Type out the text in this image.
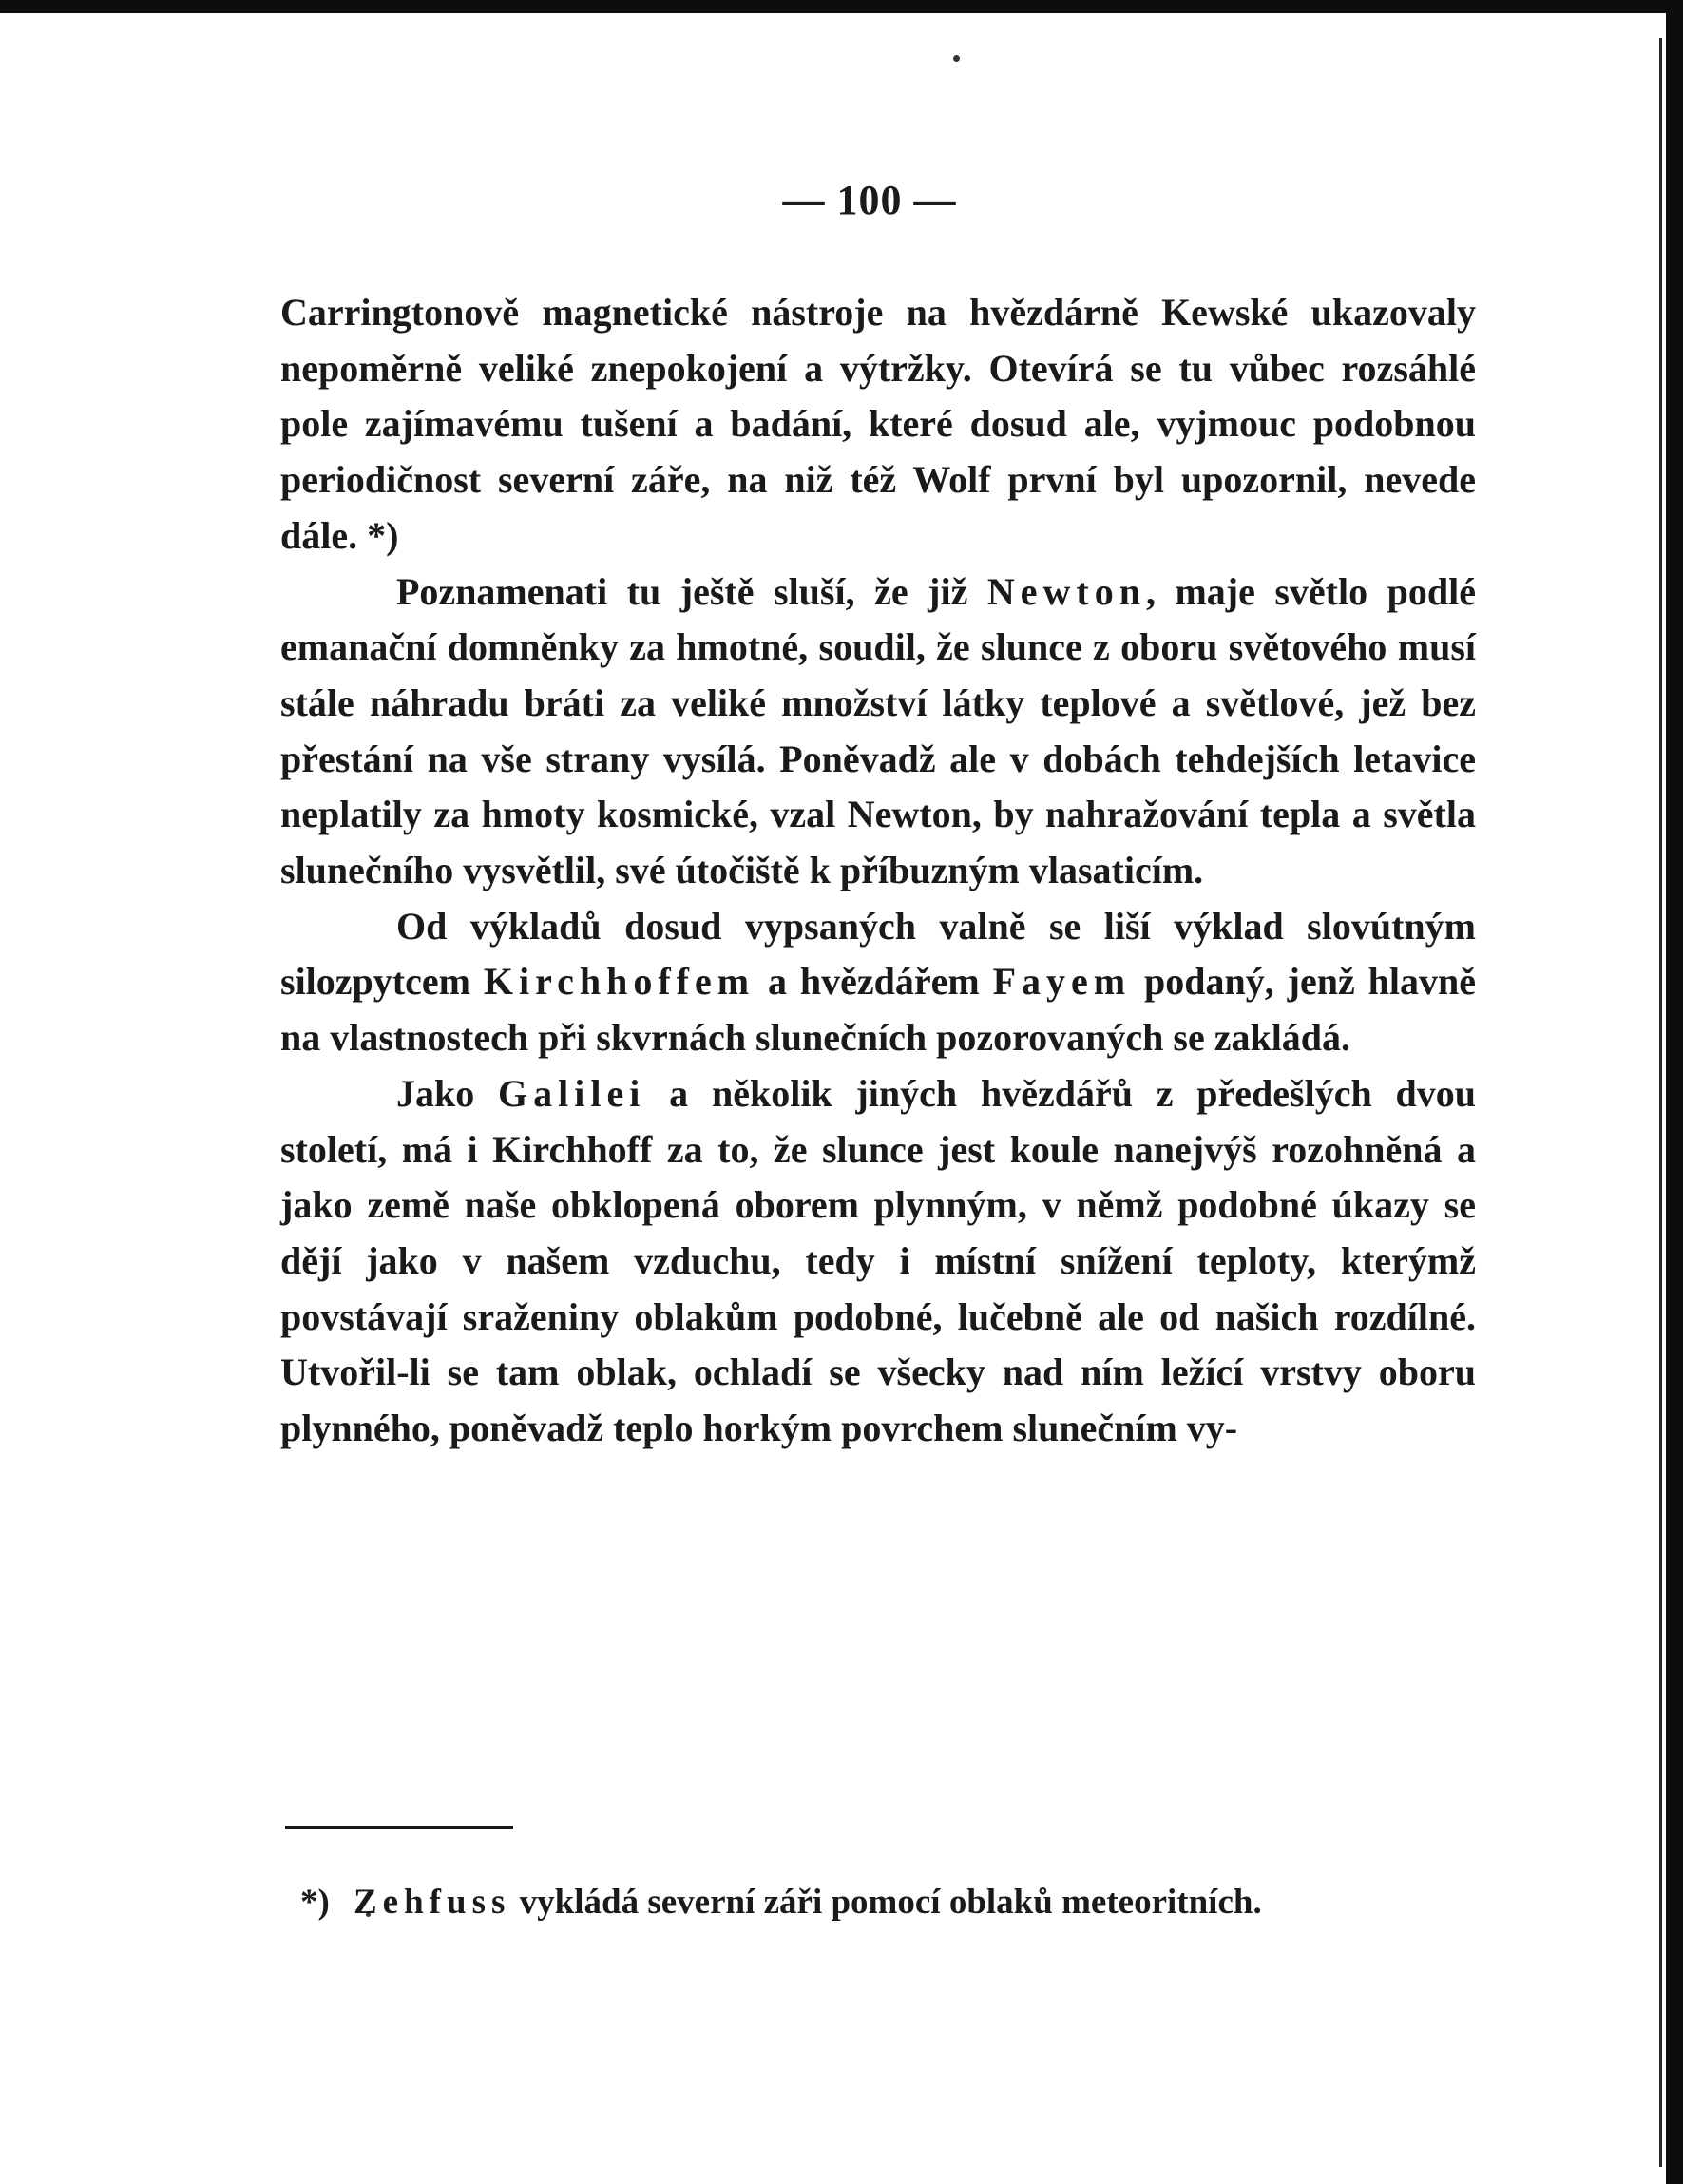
— 100 —

Carringtonově magnetické nástroje na hvězdárně Kewské ukazovaly nepoměrně veliké znepokojení a výtržky. Otevírá se tu vůbec rozsáhlé pole zajímavému tušení a badání, které dosud ale, vyjmouc podobnou periodičnost severní záře, na niž též Wolf první byl upozornil, nevede dále. *)

Poznamenati tu ještě sluší, že již Newton, maje světlo podlé emanační domněnky za hmotné, soudil, že slunce z oboru světového musí stále náhradu bráti za veliké množství látky teplové a světlové, jež bez přestání na vše strany vysílá. Poněvadž ale v dobách tehdejších letavice neplatily za hmoty kosmické, vzal Newton, by nahražování tepla a světla slunečního vysvětlil, své útočiště k příbuzným vlasaticím.

Od výkladů dosud vypsaných valně se liší výklad slovútným silozpytcem Kirchhoffem a hvězdářem Fayem podaný, jenž hlavně na vlastnostech při skvrnách slunečních pozorovaných se zakládá.

Jako Galilei a několik jiných hvězdářů z předešlých dvou století, má i Kirchhoff za to, že slunce jest koule nanejvýš rozohněná a jako země naše obklopená oborem plynným, v němž podobné úkazy se dějí jako v našem vzduchu, tedy i místní snížení teploty, kterýmž povstávají sraženiny oblakům podobné, lučebně ale od našich rozdílné. Utvořil-li se tam oblak, ochladí se všecky nad ním ležící vrstvy oboru plynného, poněvadž teplo horkým povrchem slunečním vy-

*) Zehfuss vykládá severní záři pomocí oblaků meteoritních.
